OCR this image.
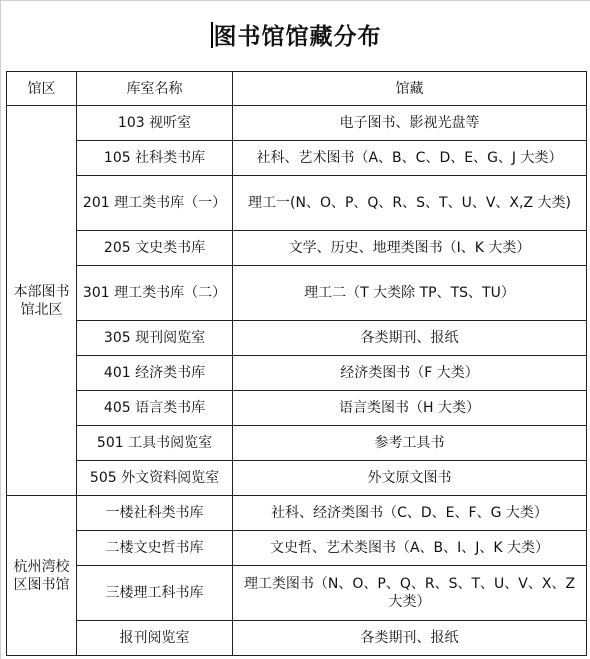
图书馆馆藏分布
馆区	库室名称	馆藏
本部图书馆北区	103 视听室	电子图书、影视光盘等
	105 社科类书库	社科、艺术图书（A、B、C、D、E、G、J 大类）
	201 理工类书库（一）	理工一(N、O、P、Q、R、S、T、U、V、X,Z 大类)
	205 文史类书库	文学、历史、地理类图书（I、K 大类）
	301 理工类书库（二）	理工二（T 大类除 TP、TS、TU）
	305 现刊阅览室	各类期刊、报纸
	401 经济类书库	经济类图书（F 大类）
	405 语言类书库	语言类图书（H 大类）
	501 工具书阅览室	参考工具书
	505 外文资料阅览室	外文原文图书
杭州湾校区图书馆	一楼社科类书库	社科、经济类图书（C、D、E、F、G 大类）
	二楼文史哲书库	文史哲、艺术类图书（A、B、I、J、K 大类）
	三楼理工科书库	理工类图书（N、O、P、Q、R、S、T、U、V、X、Z 大类）
	报刊阅览室	各类期刊、报纸
